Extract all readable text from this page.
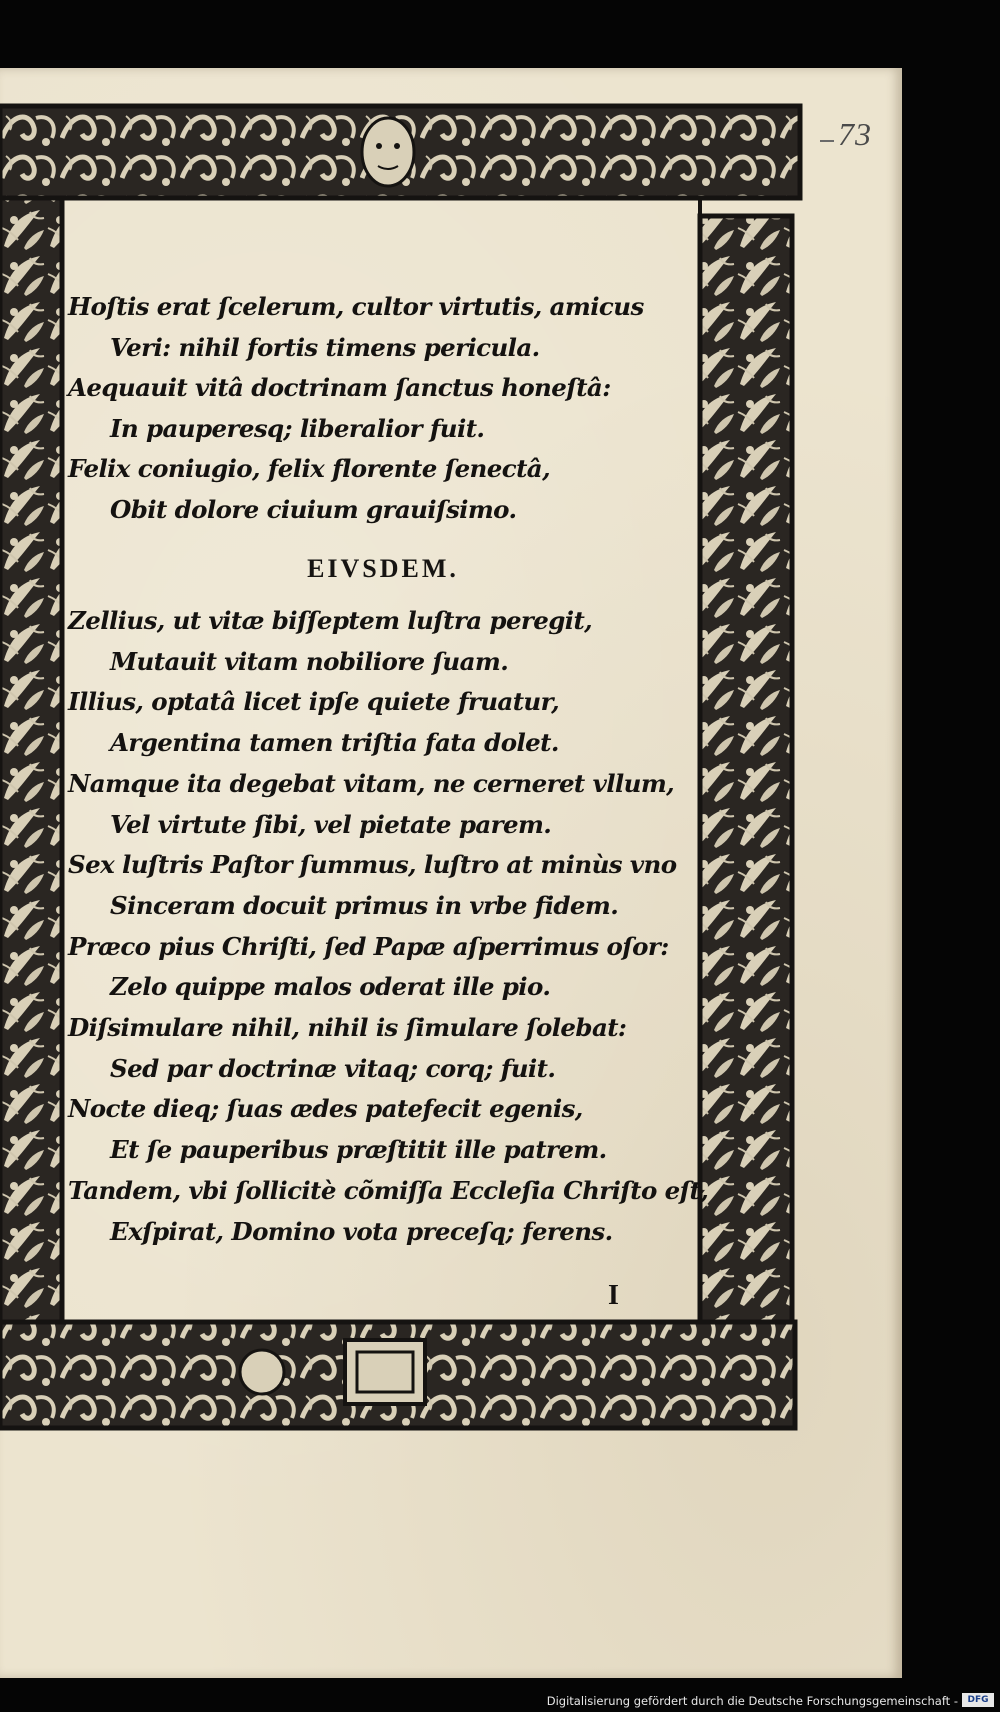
73
EIVSDEM.
I
Hoſtis erat ſcelerum, cultor virtutis, amicus
Veri: nihil fortis timens pericula.
Aequauit vitâ doctrinam ſanctus honeſtâ:
In pauperesq; liberalior fuit.
Felix coniugio, felix florente ſenectâ,
Obit dolore ciuium grauiſsimo.
Zellius, ut vitæ biſſeptem luſtra peregit,
Mutauit vitam nobiliore ſuam.
Illius, optatâ licet ipſe quiete fruatur,
Argentina tamen triſtia fata dolet.
Namque ita degebat vitam, ne cerneret vllum,
Vel virtute ſibi, vel pietate parem.
Sex luſtris Paſtor ſummus, luſtro at minùs vno
Sinceram docuit primus in vrbe fidem.
Præco pius Chriſti, ſed Papæ aſperrimus oſor:
Zelo quippe malos oderat ille pio.
Diſsimulare nihil, nihil is ſimulare ſolebat:
Sed par doctrinæ vitaq; corq; fuit.
Nocte dieq; ſuas ædes patefecit egenis,
Et ſe pauperibus præſtitit ille patrem.
Tandem, vbi ſollicitè cõmiſſa Eccleſia Chriſto eſt,
Exſpirat, Domino vota preceſq; ferens.
Digitalisierung gefördert durch die Deutsche Forschungsgemeinschaft -	DFG
